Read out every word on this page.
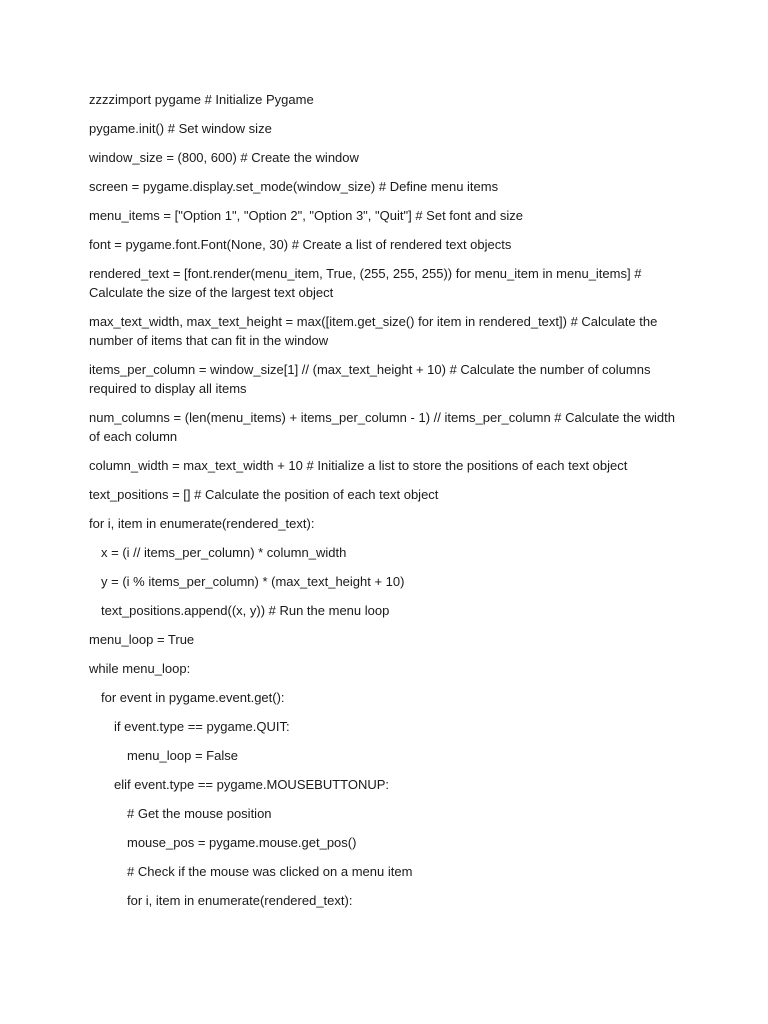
zzzzimport pygame # Initialize Pygame

pygame.init() # Set window size

window_size = (800, 600) # Create the window

screen = pygame.display.set_mode(window_size) # Define menu items

menu_items = ["Option 1", "Option 2", "Option 3", "Quit"] # Set font and size

font = pygame.font.Font(None, 30) # Create a list of rendered text objects

rendered_text = [font.render(menu_item, True, (255, 255, 255)) for menu_item in menu_items] # Calculate the size of the largest text object

max_text_width, max_text_height = max([item.get_size() for item in rendered_text]) # Calculate the number of items that can fit in the window

items_per_column = window_size[1] // (max_text_height + 10) # Calculate the number of columns required to display all items

num_columns = (len(menu_items) + items_per_column - 1) // items_per_column # Calculate the width of each column

column_width = max_text_width + 10 # Initialize a list to store the positions of each text object

text_positions = [] # Calculate the position of each text object

for i, item in enumerate(rendered_text):

x = (i // items_per_column) * column_width

y = (i % items_per_column) * (max_text_height + 10)

text_positions.append((x, y)) # Run the menu loop

menu_loop = True

while menu_loop:

for event in pygame.event.get():

if event.type == pygame.QUIT:

menu_loop = False

elif event.type == pygame.MOUSEBUTTONUP:

# Get the mouse position

mouse_pos = pygame.mouse.get_pos()

# Check if the mouse was clicked on a menu item

for i, item in enumerate(rendered_text):
